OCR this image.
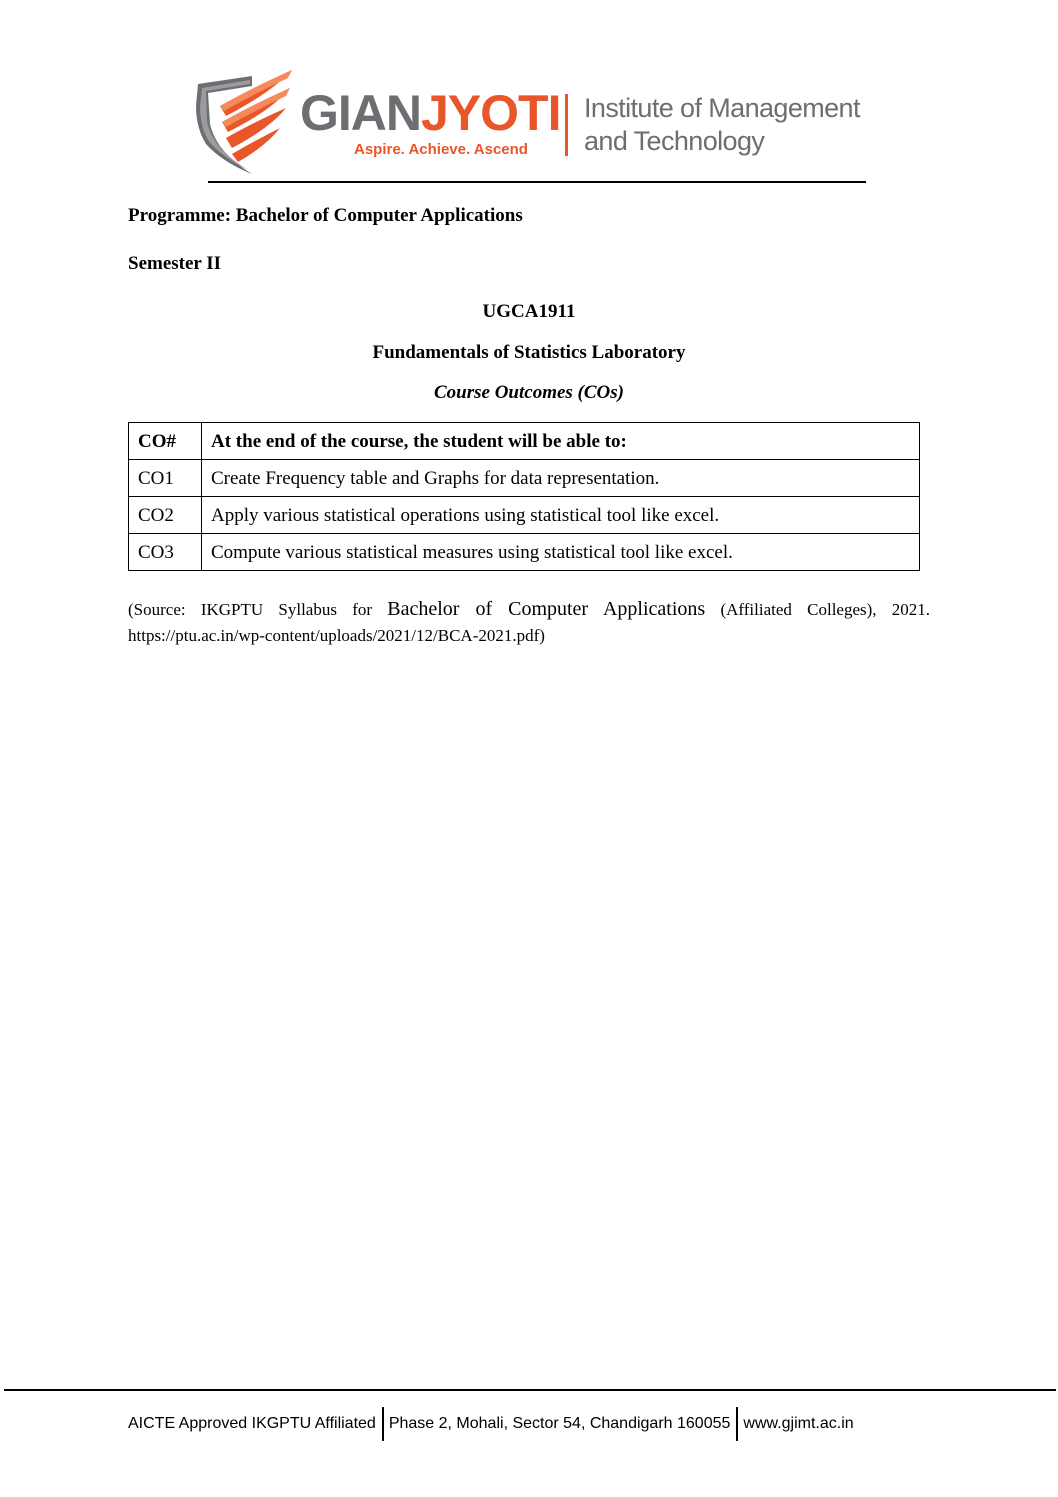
GIANJYOTI
Aspire. Achieve. Ascend
Institute of Management
and Technology
Programme: Bachelor of Computer Applications
Semester II
UGCA1911
Fundamentals of Statistics Laboratory
Course Outcomes (COs)
CO#	At the end of the course, the student will be able to:
CO1	Create Frequency table and Graphs for data representation.
CO2	Apply various statistical operations using statistical tool like excel.
CO3	Compute various statistical measures using statistical tool like excel.
(Source: IKGPTU Syllabus for Bachelor of Computer Applications (Affiliated Colleges), 2021.
https://ptu.ac.in/wp-content/uploads/2021/12/BCA-2021.pdf)
AICTE Approved IKGPTU Affiliated Phase 2, Mohali, Sector 54, Chandigarh 160055 www.gjimt.ac.in
